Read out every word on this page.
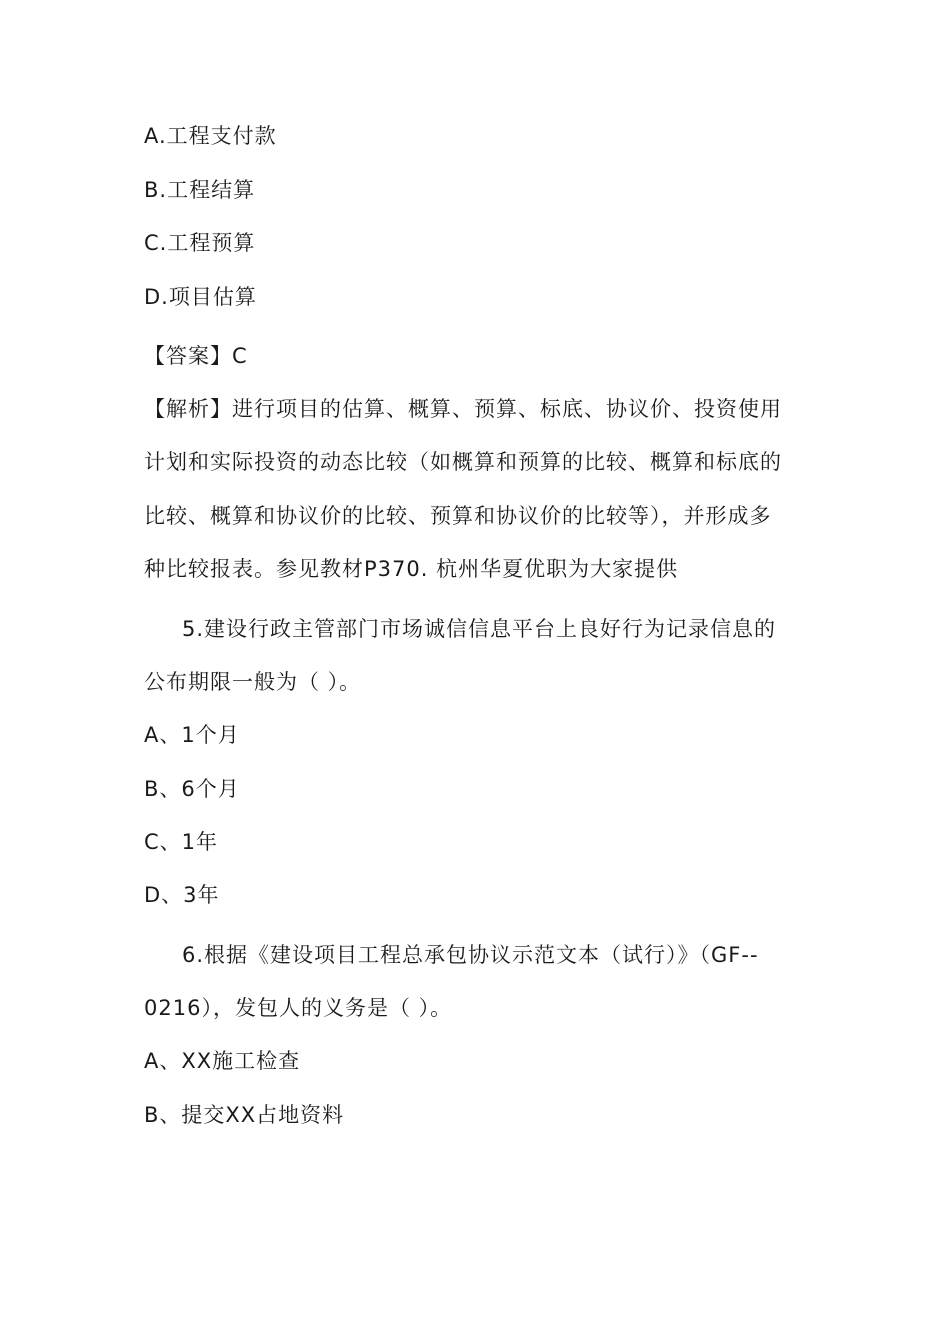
A.工程支付款
B.工程结算
C.工程预算
D.项目估算
【答案】C
【解析】进行项目的估算、概算、预算、标底、协议价、投资使用
计划和实际投资的动态比较（如概算和预算的比较、概算和标底的
比较、概算和协议价的比较、预算和协议价的比较等），并形成多
种比较报表。参见教材P370. 杭州华夏优职为大家提供
5.建设行政主管部门市场诚信信息平台上良好行为记录信息的
公布期限一般为（ ）。
A、1个月
B、6个月
C、1年
D、3年
6.根据《建设项目工程总承包协议示范文本（试行）》（GF--
0216），发包人的义务是（ ）。
A、XX施工检查
B、提交XX占地资料
